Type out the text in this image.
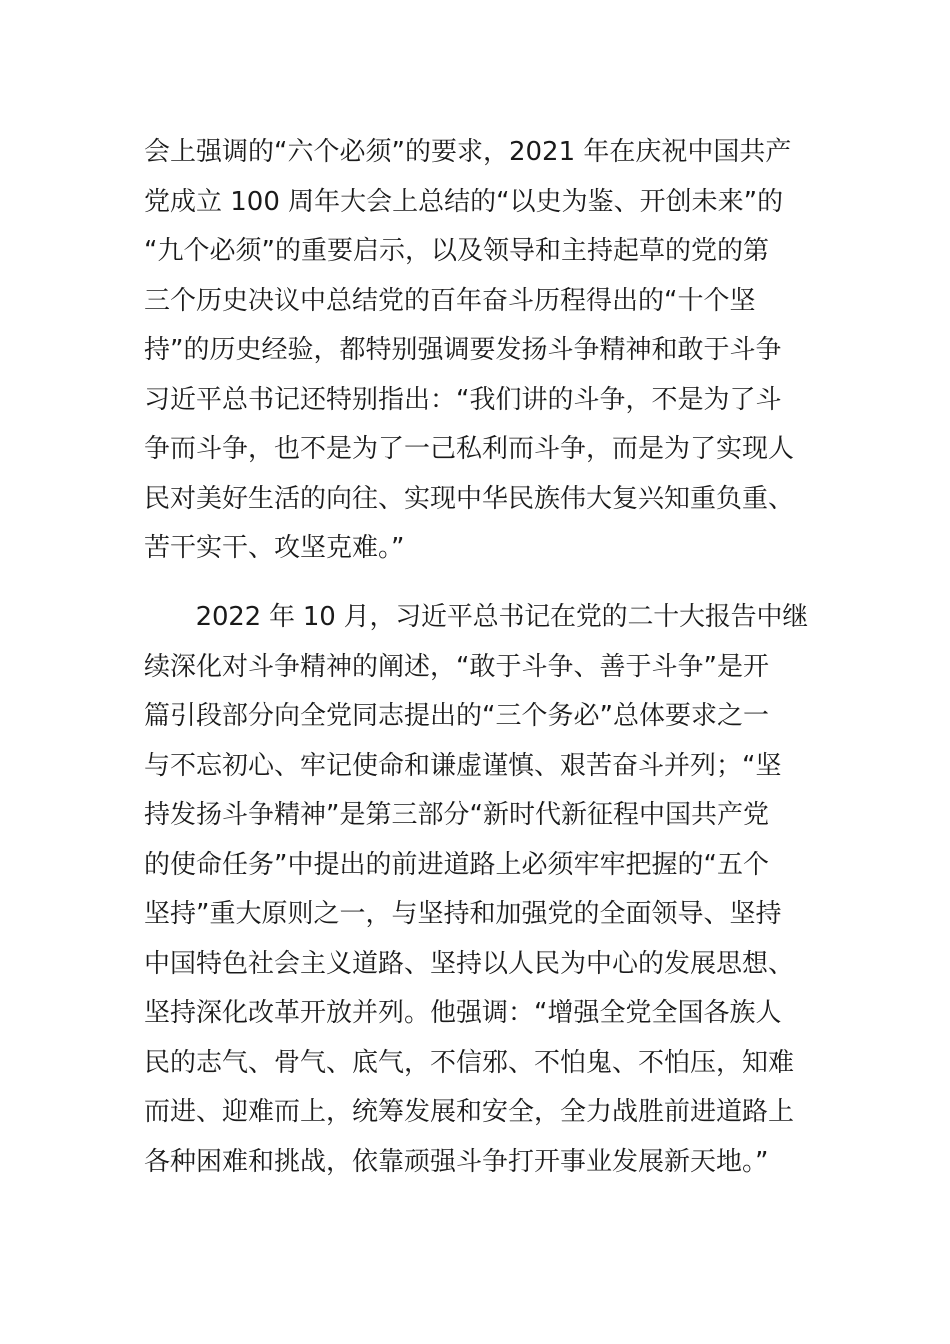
会上强调的“六个必须”的要求，2021 年在庆祝中国共产
党成立 100 周年大会上总结的“以史为鉴、开创未来”的
“九个必须”的重要启示，以及领导和主持起草的党的第
三个历史决议中总结党的百年奋斗历程得出的“十个坚
持”的历史经验，都特别强调要发扬斗争精神和敢于斗争
习近平总书记还特别指出：“我们讲的斗争，不是为了斗
争而斗争，也不是为了一己私利而斗争，而是为了实现人
民对美好生活的向往、实现中华民族伟大复兴知重负重、
苦干实干、攻坚克难。”
　　2022 年 10 月，习近平总书记在党的二十大报告中继
续深化对斗争精神的阐述，“敢于斗争、善于斗争”是开
篇引段部分向全党同志提出的“三个务必”总体要求之一
与不忘初心、牢记使命和谦虚谨慎、艰苦奋斗并列；“坚
持发扬斗争精神”是第三部分“新时代新征程中国共产党
的使命任务”中提出的前进道路上必须牢牢把握的“五个
坚持”重大原则之一，与坚持和加强党的全面领导、坚持
中国特色社会主义道路、坚持以人民为中心的发展思想、
坚持深化改革开放并列。他强调：“增强全党全国各族人
民的志气、骨气、底气，不信邪、不怕鬼、不怕压，知难
而进、迎难而上，统筹发展和安全，全力战胜前进道路上
各种困难和挑战，依靠顽强斗争打开事业发展新天地。”
